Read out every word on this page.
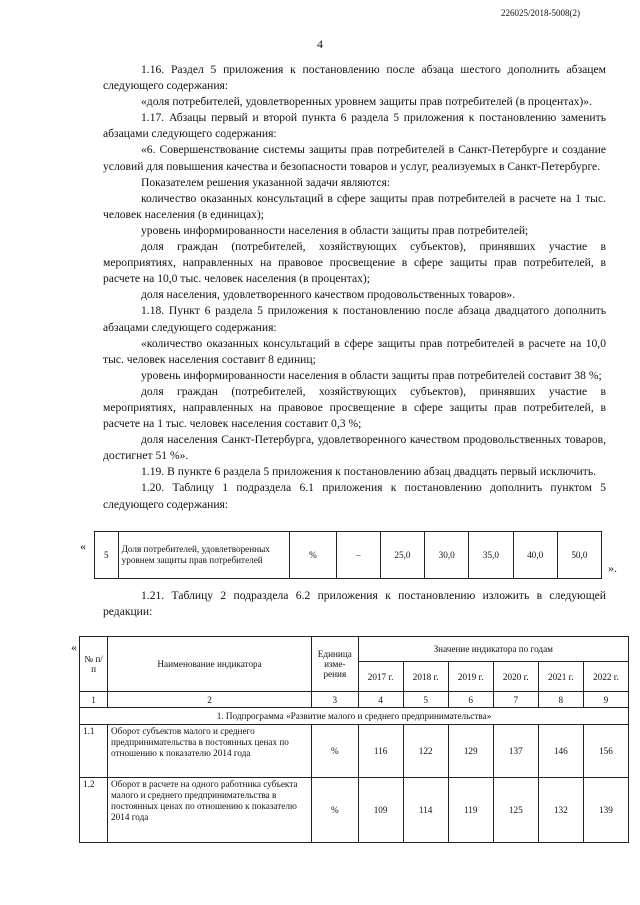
226025/2018-5008(2)
4

1.16. Раздел 5 приложения к постановлению после абзаца шестого дополнить абзацем следующего содержания:

«доля потребителей, удовлетворенных уровнем защиты прав потребителей (в процентах)».

1.17. Абзацы первый и второй пункта 6 раздела 5 приложения к постановлению заменить абзацами следующего содержания:

«6. Совершенствование системы защиты прав потребителей в Санкт-Петербурге и создание условий для повышения качества и безопасности товаров и услуг, реализуемых в Санкт-Петербурге.

Показателем решения указанной задачи являются:

количество оказанных консультаций в сфере защиты прав потребителей в расчете на 1 тыс. человек населения (в единицах);

уровень информированности населения в области защиты прав потребителей;

доля граждан (потребителей, хозяйствующих субъектов), принявших участие в мероприятиях, направленных на правовое просвещение в сфере защиты прав потребителей, в расчете на 10,0 тыс. человек населения (в процентах);

доля населения, удовлетворенного качеством продовольственных товаров».

1.18. Пункт 6 раздела 5 приложения к постановлению после абзаца двадцатого дополнить абзацами следующего содержания:

«количество оказанных консультаций в сфере защиты прав потребителей в расчете на 10,0 тыс. человек населения составит 8 единиц;

уровень информированности населения в области защиты прав потребителей составит 38 %;

доля граждан (потребителей, хозяйствующих субъектов), принявших участие в мероприятиях, направленных на правовое просвещение в сфере защиты прав потребителей, в расчете на 1 тыс. человек населения составит 0,3 %;

доля населения Санкт-Петербурга, удовлетворенного качеством продовольственных товаров, достигнет 51 %».

1.19. В пункте 6 раздела 5 приложения к постановлению абзац двадцать первый исключить.

1.20. Таблицу 1 подраздела 6.1 приложения к постановлению дополнить пунктом 5 следующего содержания:

«
5	Доля потребителей, удовлетворенных уровнем защиты прав потребителей	%	–	25,0	30,0	35,0	40,0	50,0
».

1.21. Таблицу 2 подраздела 6.2 приложения к постановлению изложить в следующей редакции:

«
№ п/п	Наименование индикатора	Единица изме-рения	Значение индикатора по годам					
			2017 г.	2018 г.	2019 г.	2020 г.	2021 г.	2022 г.
1	2	3	4	5	6	7	8	9
1. Подпрограмма «Развитие малого и среднего предпринимательства»								
1.1	Оборот субъектов малого и среднего предпринимательства в постоянных ценах по отношению к показателю 2014 года	%	116	122	129	137	146	156
1.2	Оборот в расчете на одного работника субъекта малого и среднего предпринимательства в постоянных ценах по отношению к показателю 2014 года	%	109	114	119	125	132	139
